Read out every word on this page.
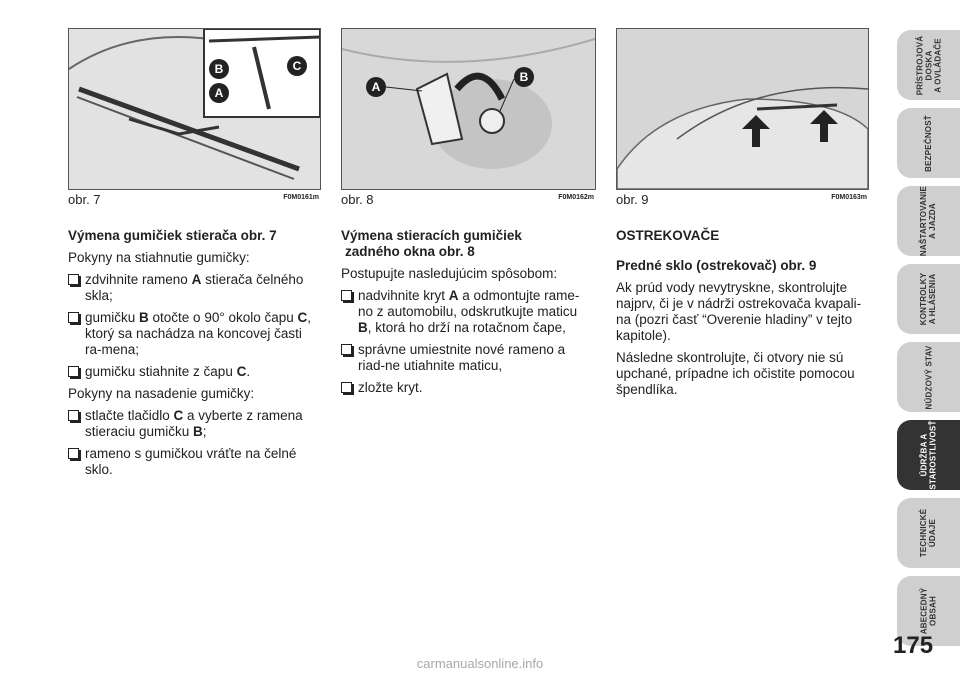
B	C
A
obr. 7	F0M0161m
A
B
obr. 8	F0M0162m obr. 9	F0M0163m
Výmena gumičiek stierača obr. 7

Pokyny na stiahnutie gumičky:

zdvihnite rameno A stierača čelného skla;
gumičku B otočte o 90° okolo čapu C, ktorý sa nachádza na koncovej časti ra-mena;
gumičku stiahnite z čapu C.

Pokyny na nasadenie gumičky:

stlačte tlačidlo C a vyberte z ramena stieraciu gumičku B;
rameno s gumičkou vráťte na čelné sklo.
Výmena stieracích gumičiek
zadného okna obr. 8

Postupujte nasledujúcim spôsobom:

nadvihnite kryt A a odmontujte rame-no z automobilu, odskrutkujte maticu B, ktorá ho drží na rotačnom čape,
správne umiestnite nové rameno a riad-ne utiahnite maticu,
zložte kryt.
OSTREKOVAČE
Predné sklo (ostrekovač) obr. 9

Ak prúd vody nevytryskne, skontrolujte najprv, či je v nádrži ostrekovača kvapali-na (pozri časť “Overenie hladiny” v tejto kapitole).

Následne skontrolujte, či otvory nie sú upchané, prípadne ich očistite pomocou špendlíka.

PRÍSTROJOVÁ
DOSKA
A OVLÁDAČE
BEZPEČNOSŤ
NAŠTARTOVANIE
A JAZDA
KONTROLKY
A HLÁSENIA
NÚDZOVÝ STAV
ÚDRŽBA A
STAROSTLIVOSŤ
TECHNICKÉ
ÚDAJE
ABECEDNÝ
OBSAH
175
carmanualsonline.info
